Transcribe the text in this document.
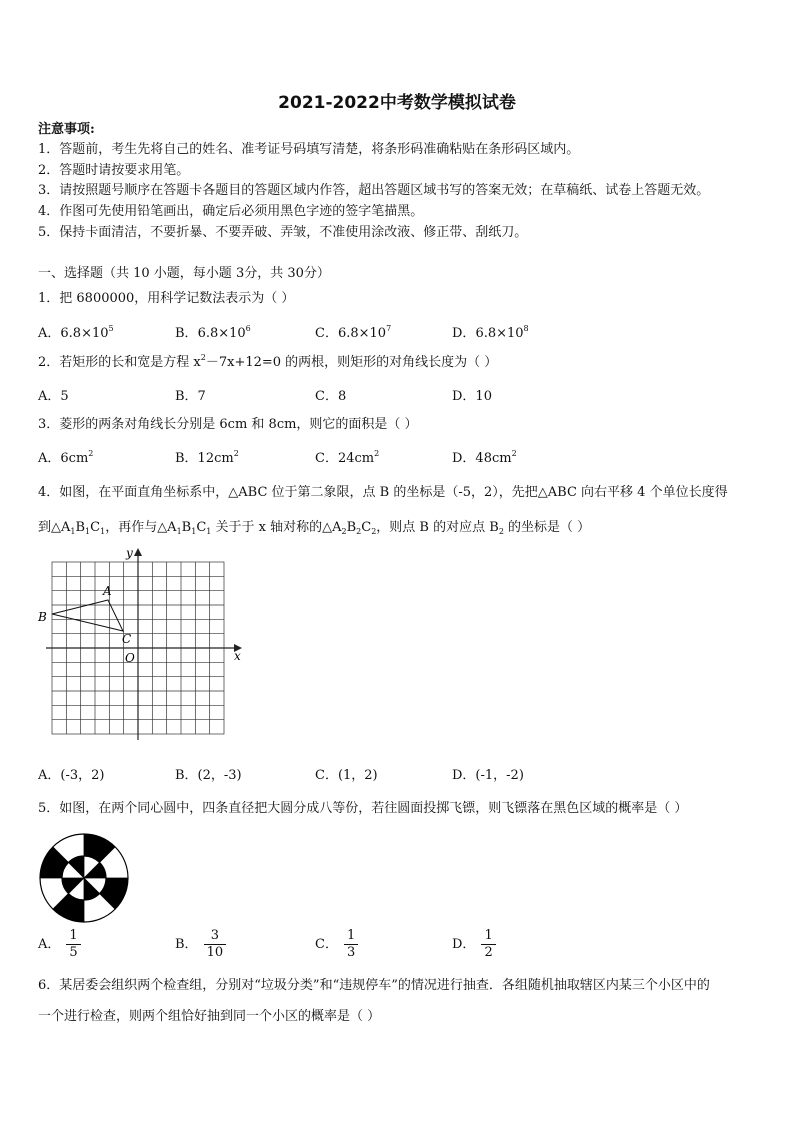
2021-2022中考数学模拟试卷
注意事项:
1．答题前，考生先将自己的姓名、准考证号码填写清楚，将条形码准确粘贴在条形码区域内。
2．答题时请按要求用笔。
3．请按照题号顺序在答题卡各题目的答题区域内作答，超出答题区域书写的答案无效；在草稿纸、试卷上答题无效。
4．作图可先使用铅笔画出，确定后必须用黑色字迹的签字笔描黑。
5．保持卡面清洁，不要折暴、不要弄破、弄皱，不准使用涂改液、修正带、刮纸刀。
一、选择题（共 10 小题，每小题 3分，共 30分）
1．把 6800000，用科学记数法表示为（ ）
A．$6.8\times 10^5$	B．$6.8\times 10^6$	C．$6.8\times 10^7$	D．$6.8\times 10^8$
2．若矩形的长和宽是方程 $x^2-7x+12=0$ 的两根，则矩形的对角线长度为（ ）
A．5	B．7	C．8	D．10
3．菱形的两条对角线长分别是 6cm 和 8cm，则它的面积是（ ）
A．$6cm^2$	B．$12cm^2$	C．$24cm^2$	D．$48cm^2$
4．如图，在平面直角坐标系中，△ABC 位于第二象限，点 B 的坐标是（-5，2），先把△ABC 向右平移 4 个单位长度得
到$\triangle A_1B_1C_1$，再作与$\triangle A_1B_1C_1$ 关于于 x 轴对称的$\triangle A_2B_2C_2$，则点 B 的对应点 $B_2$ 的坐标是（ ）
y
x
O
A
B
C
A．(-3，2)	B．(2，-3)	C．(1，2)	D．(-1，-2)
5．如图，在两个同心圆中，四条直径把大圆分成八等份，若往圆面投掷飞镖，则飞镖落在黑色区域的概率是（ ）
A． $\frac{1}{5}$	B． $\frac{3}{10}$	C． $\frac{1}{3}$	D． $\frac{1}{2}$
6．某居委会组织两个检查组，分别对“垃圾分类”和“违规停车”的情况进行抽查．各组随机抽取辖区内某三个小区中的
一个进行检查，则两个组恰好抽到同一个小区的概率是（ ）
